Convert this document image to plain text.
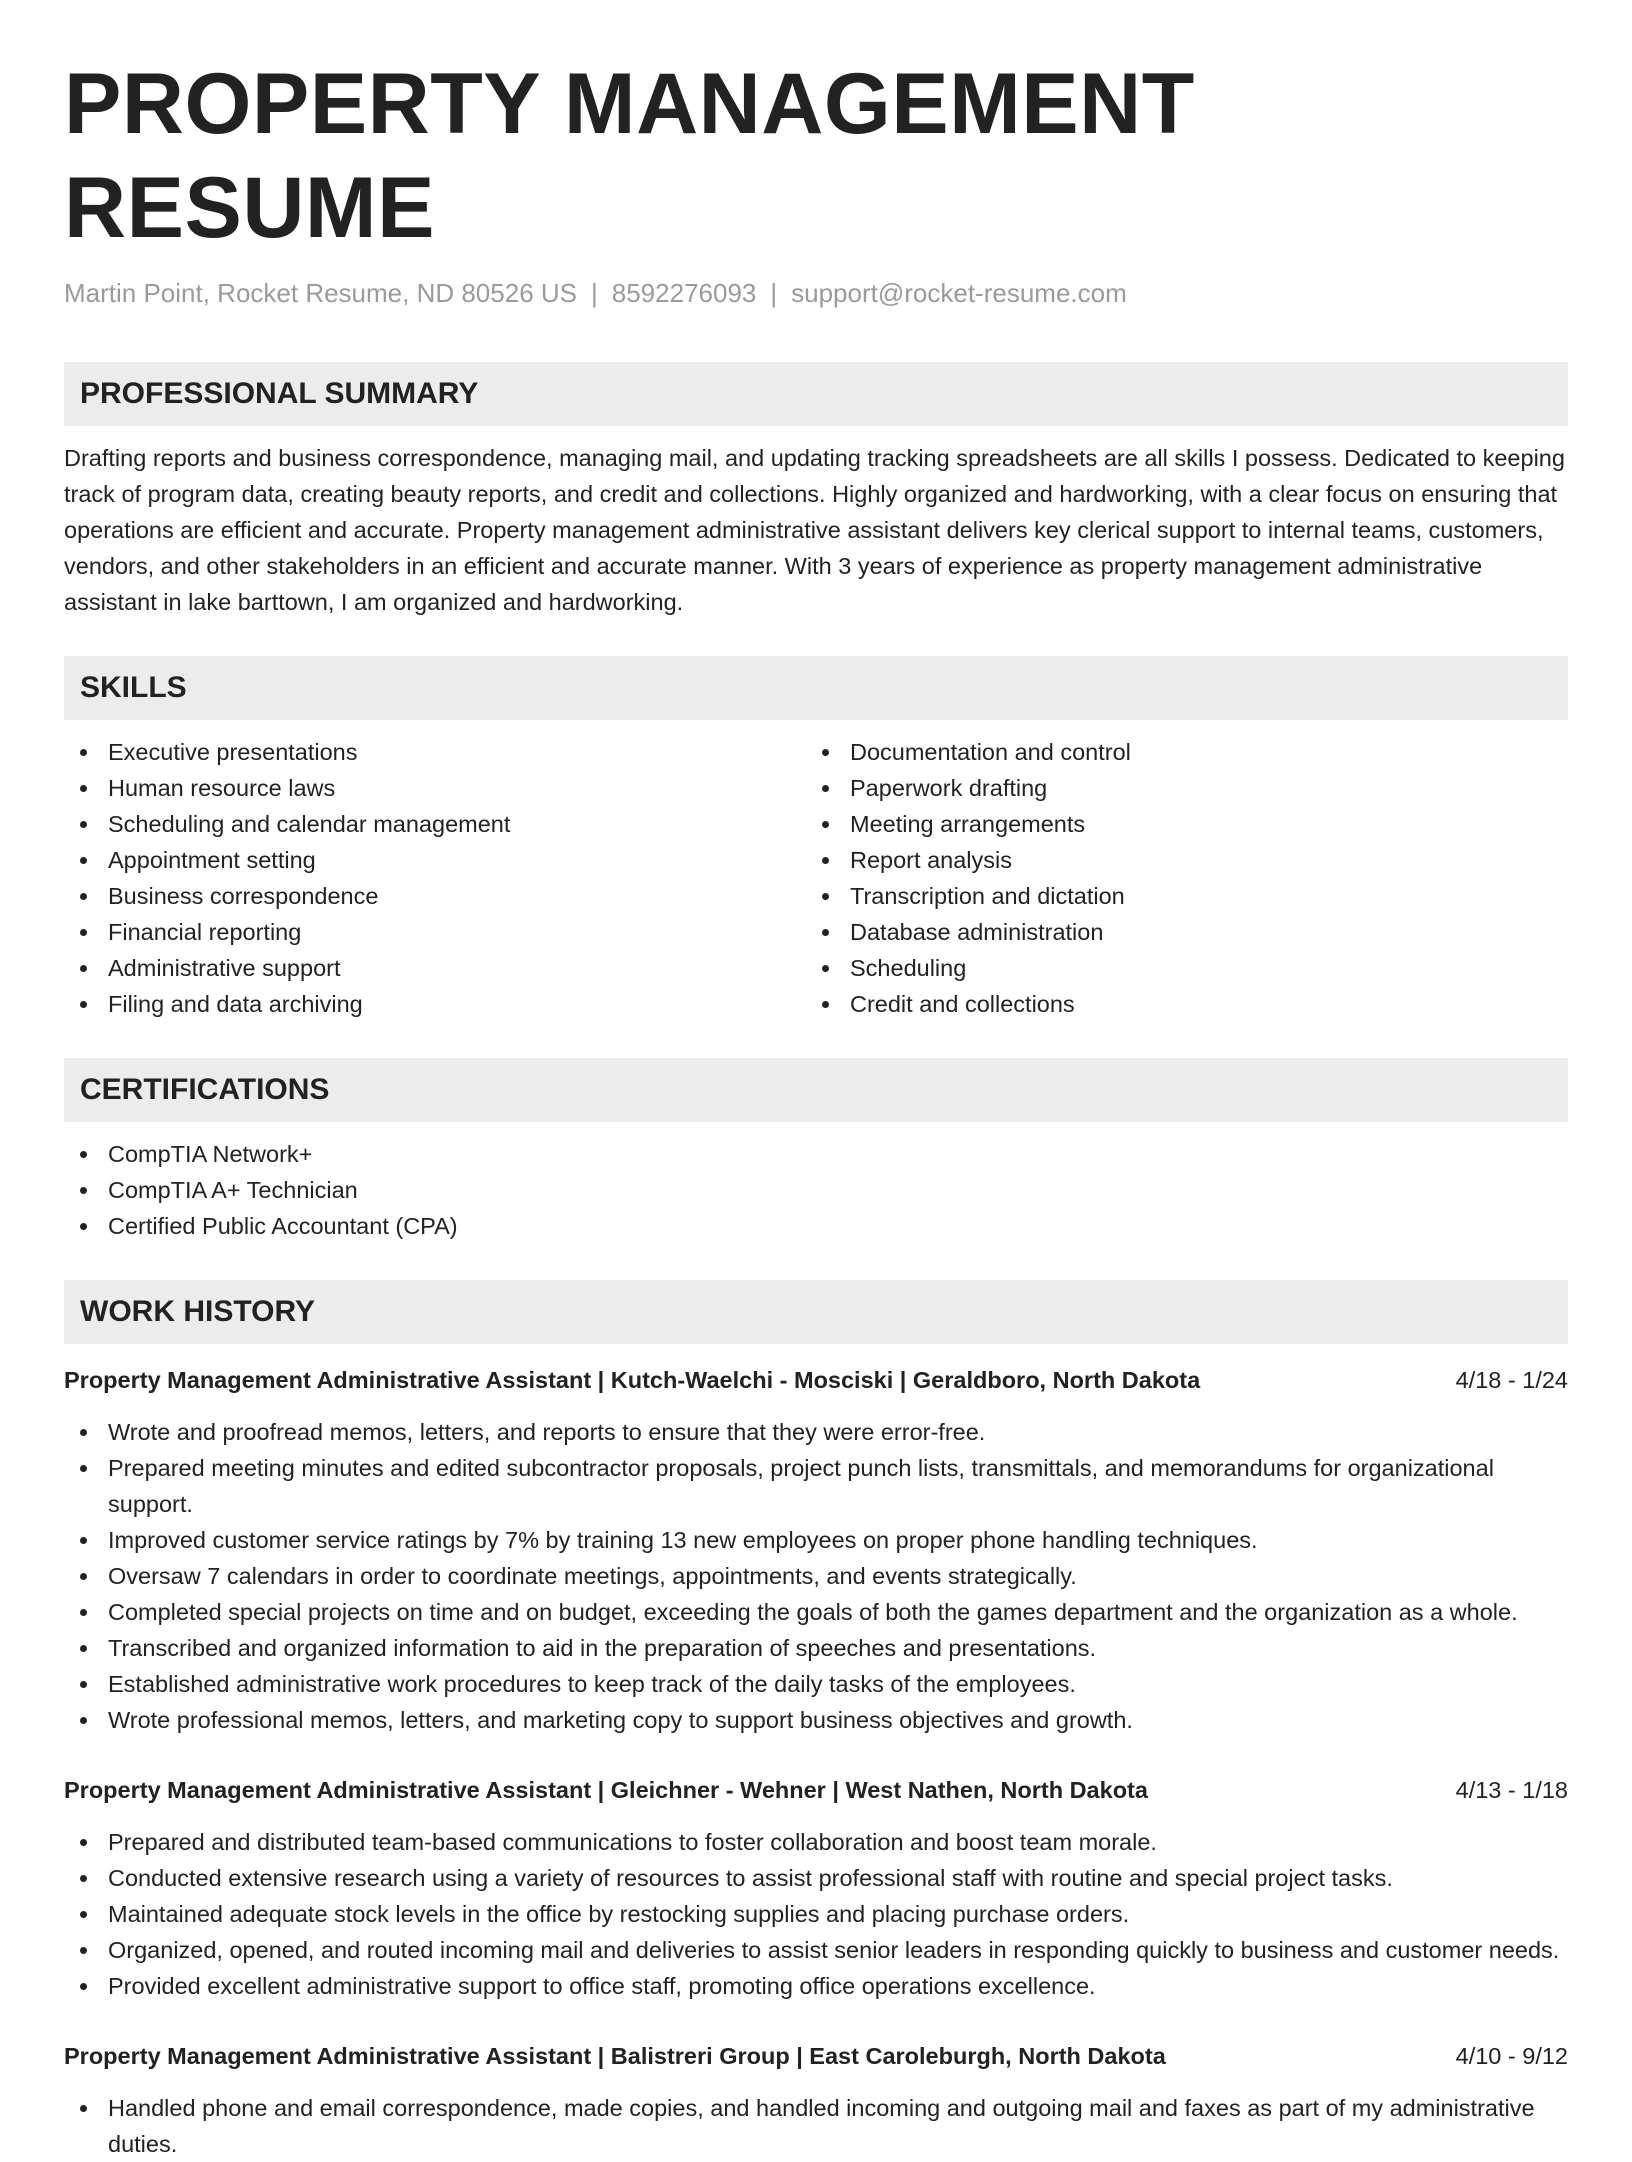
PROPERTY MANAGEMENT RESUME
Martin Point, Rocket Resume, ND 80526 US | 8592276093 | support@rocket-resume.com
PROFESSIONAL SUMMARY
Drafting reports and business correspondence, managing mail, and updating tracking spreadsheets are all skills I possess. Dedicated to keeping track of program data, creating beauty reports, and credit and collections. Highly organized and hardworking, with a clear focus on ensuring that operations are efficient and accurate. Property management administrative assistant delivers key clerical support to internal teams, customers, vendors, and other stakeholders in an efficient and accurate manner. With 3 years of experience as property management administrative assistant in lake barttown, I am organized and hardworking.
SKILLS
Executive presentations
Human resource laws
Scheduling and calendar management
Appointment setting
Business correspondence
Financial reporting
Administrative support
Filing and data archiving
Documentation and control
Paperwork drafting
Meeting arrangements
Report analysis
Transcription and dictation
Database administration
Scheduling
Credit and collections
CERTIFICATIONS
CompTIA Network+
CompTIA A+ Technician
Certified Public Accountant (CPA)
WORK HISTORY
Property Management Administrative Assistant | Kutch-Waelchi - Mosciski | Geraldboro, North Dakota	4/18 - 1/24
Wrote and proofread memos, letters, and reports to ensure that they were error-free.
Prepared meeting minutes and edited subcontractor proposals, project punch lists, transmittals, and memorandums for organizational support.
Improved customer service ratings by 7% by training 13 new employees on proper phone handling techniques.
Oversaw 7 calendars in order to coordinate meetings, appointments, and events strategically.
Completed special projects on time and on budget, exceeding the goals of both the games department and the organization as a whole.
Transcribed and organized information to aid in the preparation of speeches and presentations.
Established administrative work procedures to keep track of the daily tasks of the employees.
Wrote professional memos, letters, and marketing copy to support business objectives and growth.
Property Management Administrative Assistant | Gleichner - Wehner | West Nathen, North Dakota	4/13 - 1/18
Prepared and distributed team-based communications to foster collaboration and boost team morale.
Conducted extensive research using a variety of resources to assist professional staff with routine and special project tasks.
Maintained adequate stock levels in the office by restocking supplies and placing purchase orders.
Organized, opened, and routed incoming mail and deliveries to assist senior leaders in responding quickly to business and customer needs.
Provided excellent administrative support to office staff, promoting office operations excellence.
Property Management Administrative Assistant | Balistreri Group | East Caroleburgh, North Dakota	4/10 - 9/12
Handled phone and email correspondence, made copies, and handled incoming and outgoing mail and faxes as part of my administrative duties.
